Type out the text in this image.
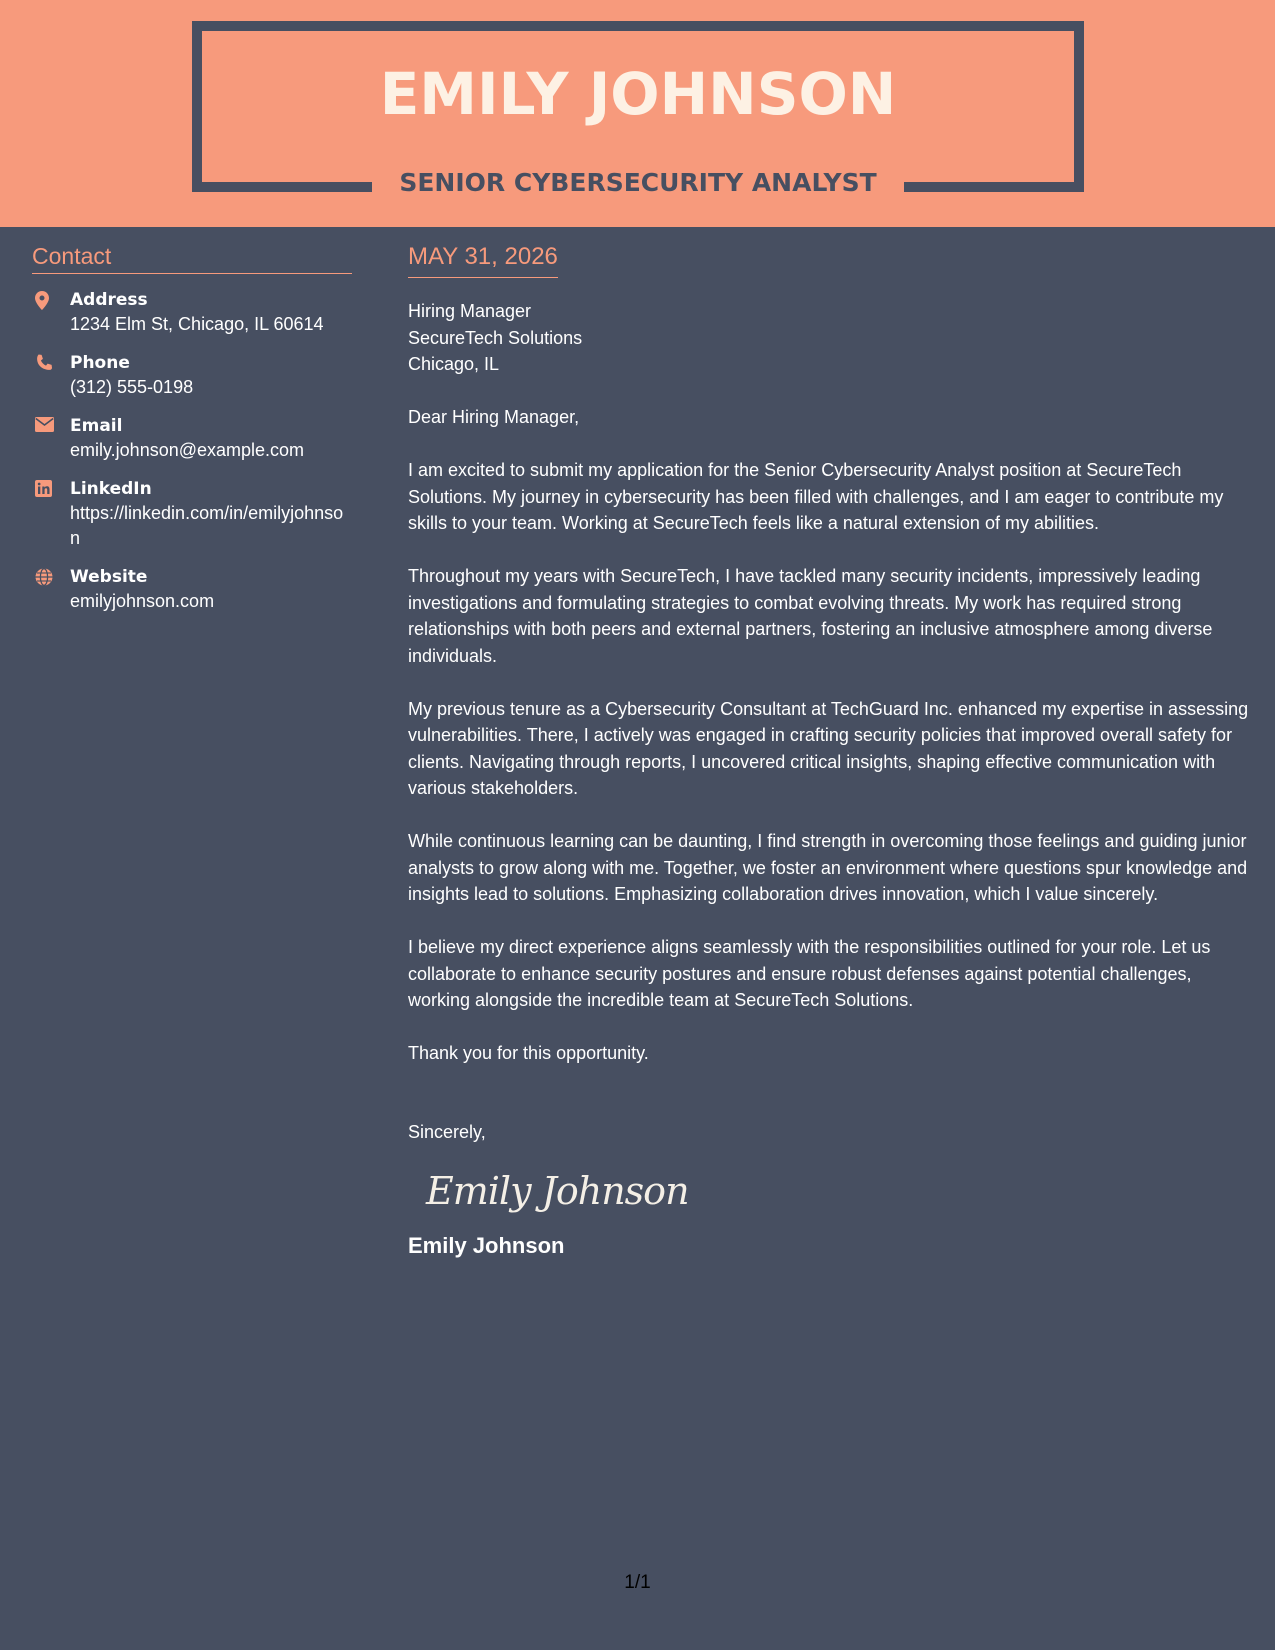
EMILY JOHNSON
SENIOR CYBERSECURITY ANALYST
Contact
Address
1234 Elm St, Chicago, IL 60614
Phone
(312) 555-0198
Email
emily.johnson@example.com
LinkedIn
https://linkedin.com/in/emilyjohnson
Website
emilyjohnson.com
MAY 31, 2026
Hiring Manager
SecureTech Solutions
Chicago, IL
Dear Hiring Manager,
I am excited to submit my application for the Senior Cybersecurity Analyst position at SecureTech Solutions. My journey in cybersecurity has been filled with challenges, and I am eager to contribute my skills to your team. Working at SecureTech feels like a natural extension of my abilities.
Throughout my years with SecureTech, I have tackled many security incidents, impressively leading investigations and formulating strategies to combat evolving threats. My work has required strong relationships with both peers and external partners, fostering an inclusive atmosphere among diverse individuals.
My previous tenure as a Cybersecurity Consultant at TechGuard Inc. enhanced my expertise in assessing vulnerabilities. There, I actively was engaged in crafting security policies that improved overall safety for clients. Navigating through reports, I uncovered critical insights, shaping effective communication with various stakeholders.
While continuous learning can be daunting, I find strength in overcoming those feelings and guiding junior analysts to grow along with me. Together, we foster an environment where questions spur knowledge and insights lead to solutions. Emphasizing collaboration drives innovation, which I value sincerely.
I believe my direct experience aligns seamlessly with the responsibilities outlined for your role. Let us collaborate to enhance security postures and ensure robust defenses against potential challenges, working alongside the incredible team at SecureTech Solutions.
Thank you for this opportunity.
Sincerely,
Emily Johnson
Emily Johnson
1/1
